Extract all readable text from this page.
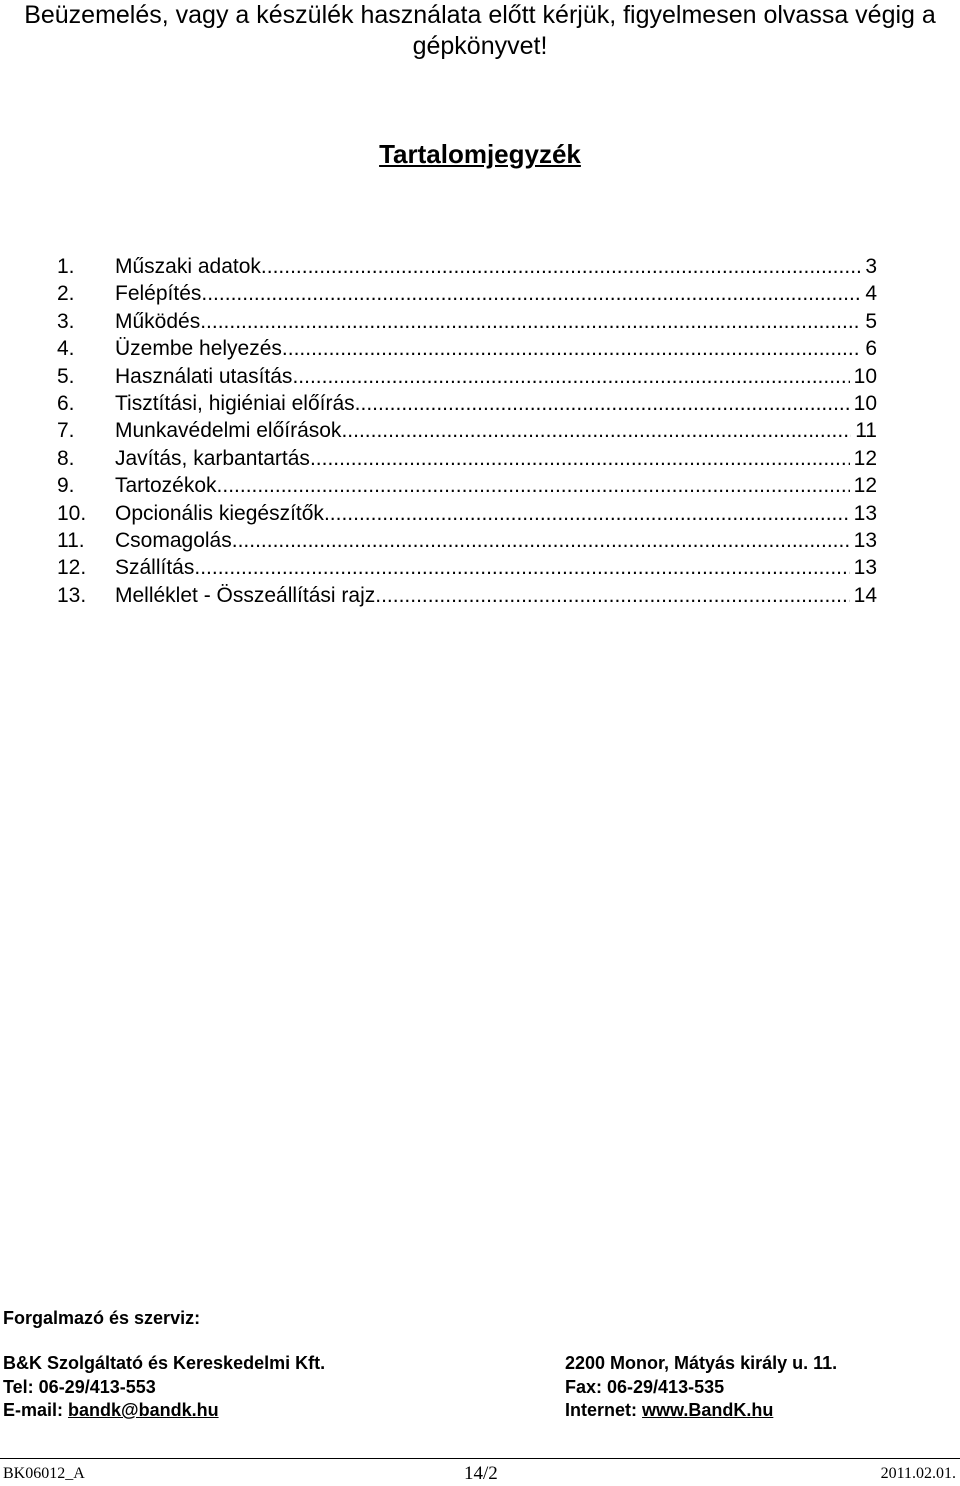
Beüzemelés, vagy a készülék használata előtt kérjük, figyelmesen olvassa végig a gépkönyvet!
Tartalomjegyzék
1.	Műszaki adatok .....	3
2.	Felépítés .....	4
3.	Működés .....	5
4.	Üzembe helyezés .....	6
5.	Használati utasítás .....	10
6.	Tisztítási, higiéniai előírás .....	10
7.	Munkavédelmi előírások .....	11
8.	Javítás, karbantartás .....	12
9.	Tartozékok .....	12
10.	Opcionális kiegészítők .....	13
11.	Csomagolás .....	13
12.	Szállítás .....	13
13.	Melléklet - Összeállítási rajz .....	14
Forgalmazó és szerviz:
B&K Szolgáltató és Kereskedelmi Kft.
Tel: 06-29/413-553
E-mail: bandk@bandk.hu
2200 Monor, Mátyás király u. 11.
Fax: 06-29/413-535
Internet: www.BandK.hu
BK06012_A	14/2	2011.02.01.
